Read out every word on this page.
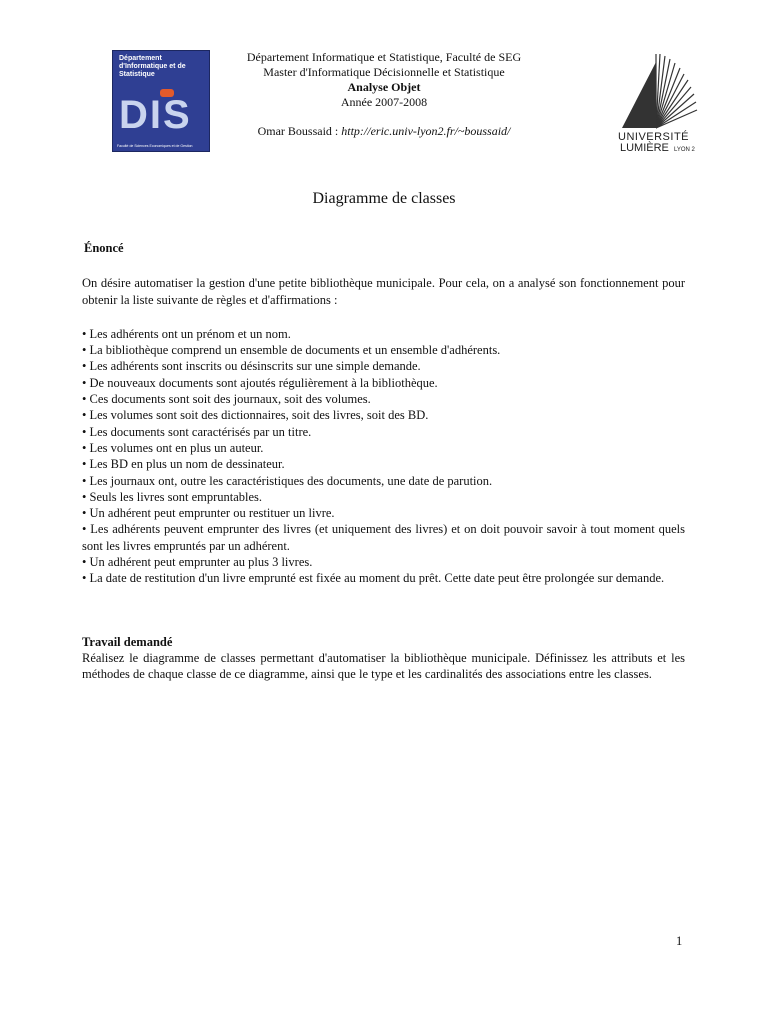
Département d'Informatique et de Statistique
DIS
Faculté de Sciences Economiques et de Gestion
Département Informatique et Statistique, Faculté de SEG
Master d'Informatique Décisionnelle et Statistique
Analyse Objet
Année 2007-2008
Omar Boussaid : http://eric.univ-lyon2.fr/~boussaid/	UNIVERSITÉ
LUMIÈRE LYON 2
Diagramme de classes
Énoncé

On désire automatiser la gestion d'une petite bibliothèque municipale. Pour cela, on a analysé son fonctionnement pour obtenir la liste suivante de règles et d'affirmations :

• Les adhérents ont un prénom et un nom.
• La bibliothèque comprend un ensemble de documents et un ensemble d'adhérents.
• Les adhérents sont inscrits ou désinscrits sur une simple demande.
• De nouveaux documents sont ajoutés régulièrement à la bibliothèque.
• Ces documents sont soit des journaux, soit des volumes.
• Les volumes sont soit des dictionnaires, soit des livres, soit des BD.
• Les documents sont caractérisés par un titre.
• Les volumes ont en plus un auteur.
• Les BD en plus un nom de dessinateur.
• Les journaux ont, outre les caractéristiques des documents, une date de parution.
• Seuls les livres sont empruntables.
• Un adhérent peut emprunter ou restituer un livre.
• Les adhérents peuvent emprunter des livres (et uniquement des livres) et on doit pouvoir savoir à tout moment quels sont les livres empruntés par un adhérent.
• Un adhérent peut emprunter au plus 3 livres.
• La date de restitution d'un livre emprunté est fixée au moment du prêt. Cette date peut être prolongée sur demande.
Travail demandé

Réalisez le diagramme de classes permettant d'automatiser la bibliothèque municipale. Définissez les attributs et les méthodes de chaque classe de ce diagramme, ainsi que le type et les cardinalités des associations entre les classes.

1
